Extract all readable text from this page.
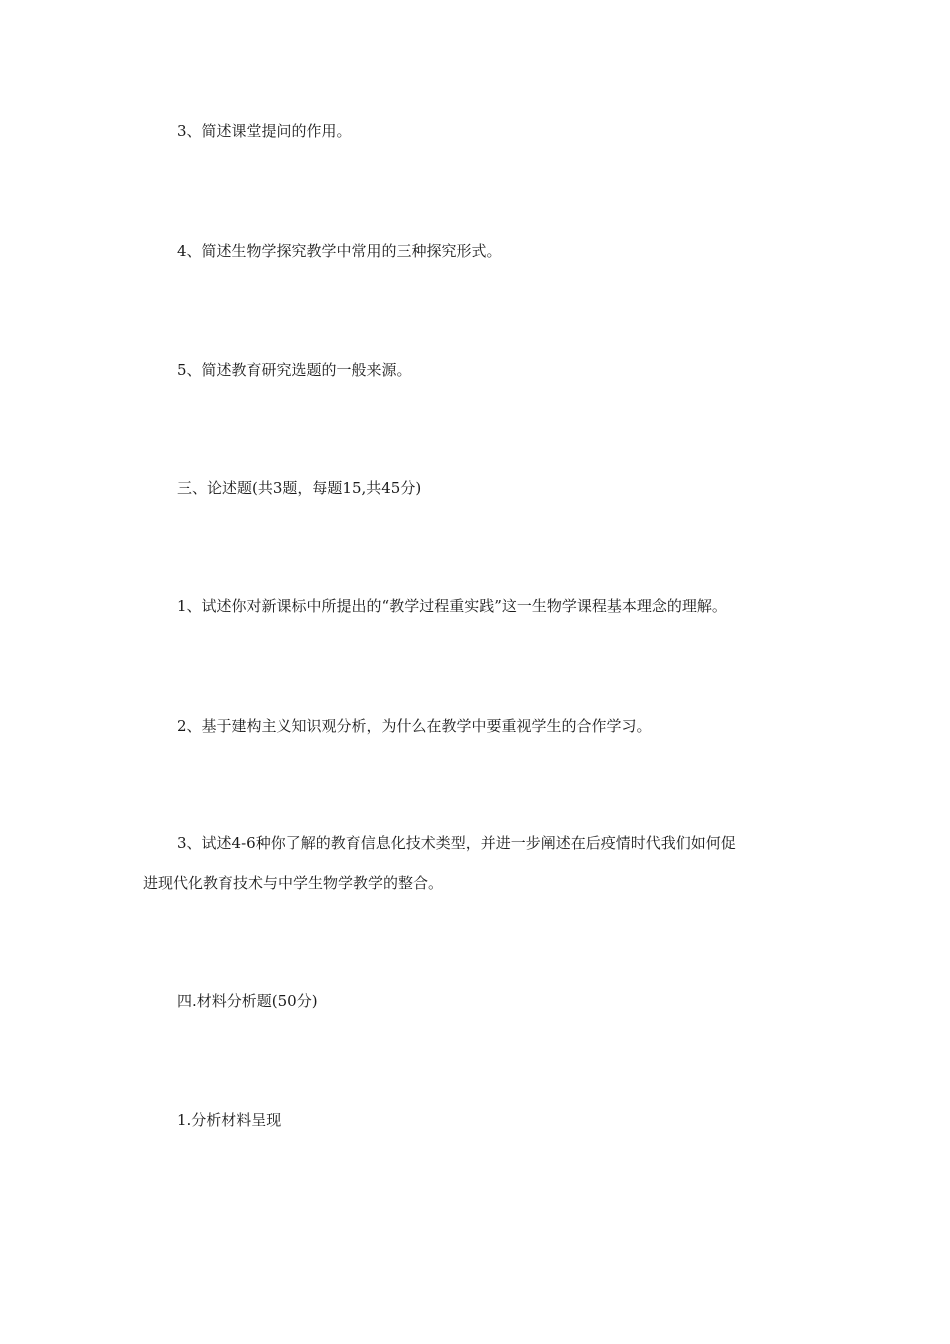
3、简述课堂提问的作用。
4、简述生物学探究教学中常用的三种探究形式。
5、简述教育研究选题的一般来源。
三、论述题(共3题，每题15,共45分)
1、试述你对新课标中所提出的“教学过程重实践”这一生物学课程基本理念的理解。
2、基于建构主义知识观分析，为什么在教学中要重视学生的合作学习。
3、试述4-6种你了解的教育信息化技术类型，并进一步阐述在后疫情时代我们如何促
进现代化教育技术与中学生物学教学的整合。
四.材料分析题(50分)
1.分析材料呈现
